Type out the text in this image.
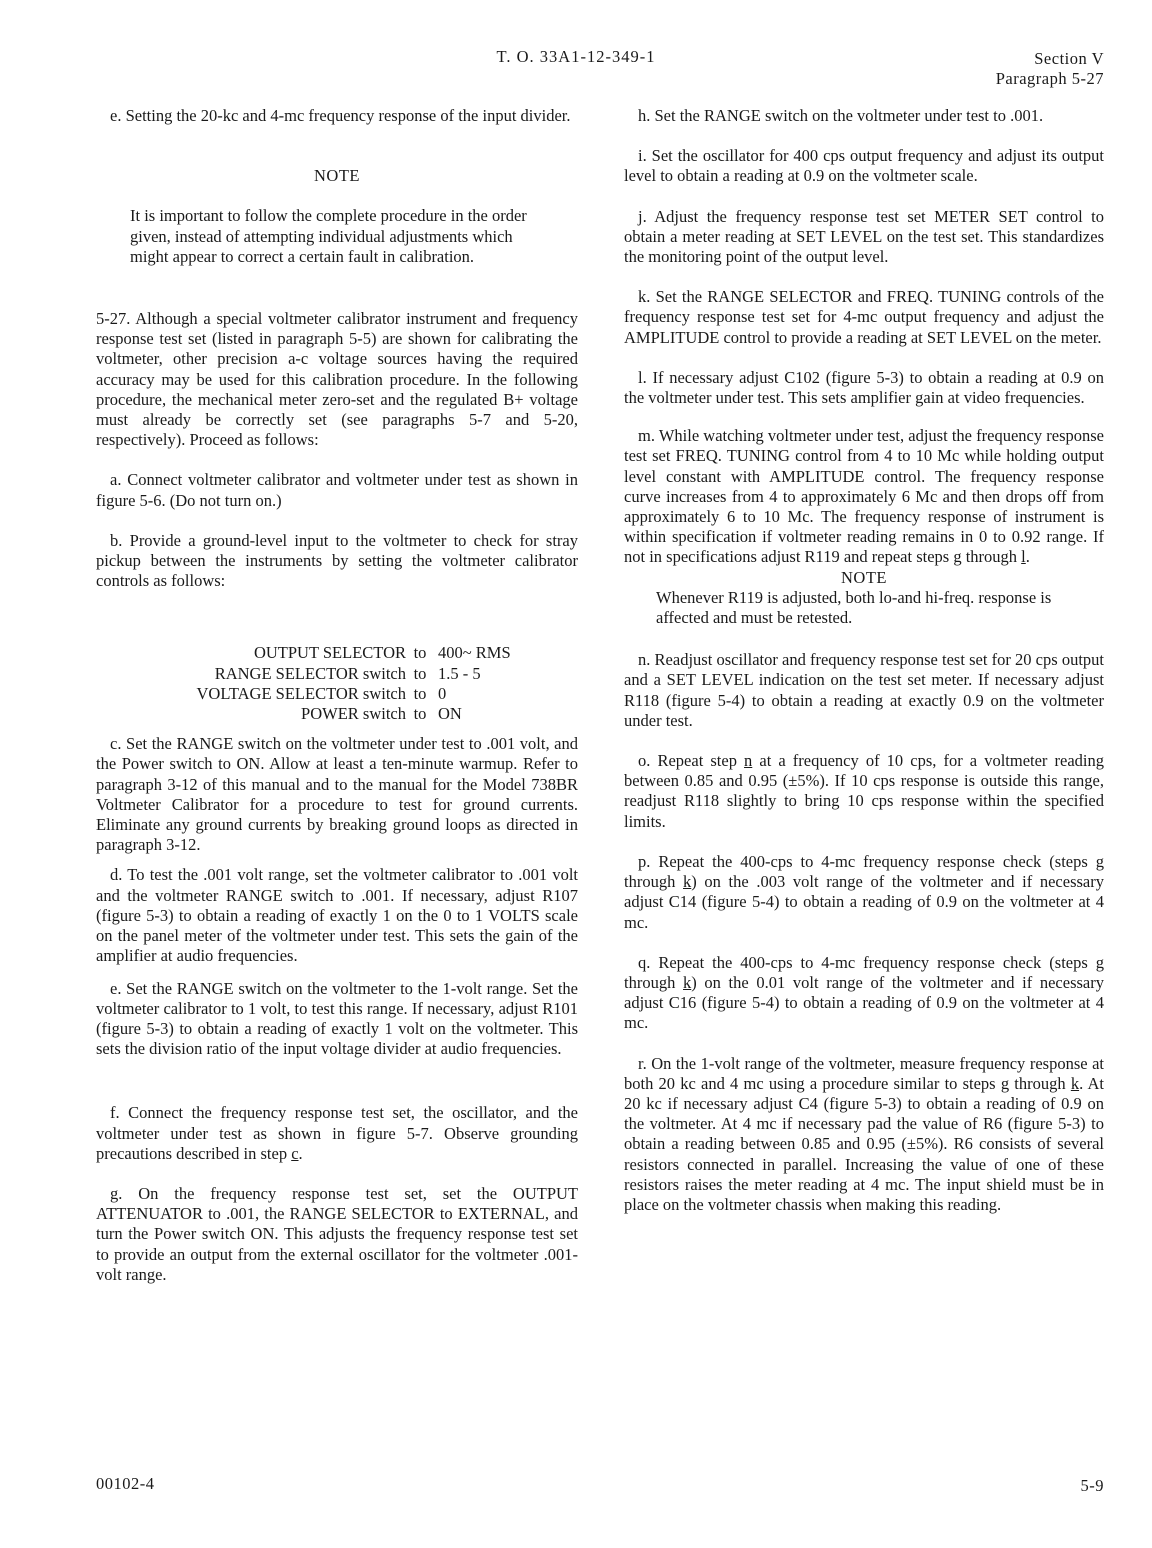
T. O. 33A1-12-349-1	Section V
Paragraph 5-27

e. Setting the 20-kc and 4-mc frequency response of the input divider.

NOTE

It is important to follow the complete procedure in the order given, instead of attempting individual adjustments which might appear to correct a certain fault in calibration.

5-27. Although a special voltmeter calibrator instrument and frequency response test set (listed in paragraph 5-5) are shown for calibrating the voltmeter, other precision a-c voltage sources having the required accuracy may be used for this calibration procedure. In the following procedure, the mechanical meter zero-set and the regulated B+ voltage must already be correctly set (see paragraphs 5-7 and 5-20, respectively). Proceed as follows:

a. Connect voltmeter calibrator and voltmeter under test as shown in figure 5-6. (Do not turn on.)

b. Provide a ground-level input to the voltmeter to check for stray pickup between the instruments by setting the voltmeter calibrator controls as follows:

OUTPUT SELECTOR	to	400~ RMS
RANGE SELECTOR switch	to	1.5 - 5
VOLTAGE SELECTOR switch	to	0
POWER switch	to	ON

c. Set the RANGE switch on the voltmeter under test to .001 volt, and the Power switch to ON. Allow at least a ten-minute warmup. Refer to paragraph 3-12 of this manual and to the manual for the Model 738BR Voltmeter Calibrator for a procedure to test for ground currents. Eliminate any ground currents by breaking ground loops as directed in paragraph 3-12.

d. To test the .001 volt range, set the voltmeter calibrator to .001 volt and the voltmeter RANGE switch to .001. If necessary, adjust R107 (figure 5-3) to obtain a reading of exactly 1 on the 0 to 1 VOLTS scale on the panel meter of the voltmeter under test. This sets the gain of the amplifier at audio frequencies.

e. Set the RANGE switch on the voltmeter to the 1-volt range. Set the voltmeter calibrator to 1 volt, to test this range. If necessary, adjust R101 (figure 5-3) to obtain a reading of exactly 1 volt on the voltmeter. This sets the division ratio of the input voltage divider at audio frequencies.

f. Connect the frequency response test set, the oscillator, and the voltmeter under test as shown in figure 5-7. Observe grounding precautions described in step c.

g. On the frequency response test set, set the OUTPUT ATTENUATOR to .001, the RANGE SELECTOR to EXTERNAL, and turn the Power switch ON. This adjusts the frequency response test set to provide an output from the external oscillator for the voltmeter .001-volt range.

h. Set the RANGE switch on the voltmeter under test to .001.

i. Set the oscillator for 400 cps output frequency and adjust its output level to obtain a reading at 0.9 on the voltmeter scale.

j. Adjust the frequency response test set METER SET control to obtain a meter reading at SET LEVEL on the test set. This standardizes the monitoring point of the output level.

k. Set the RANGE SELECTOR and FREQ. TUNING controls of the frequency response test set for 4-mc output frequency and adjust the AMPLITUDE control to provide a reading at SET LEVEL on the meter.

l. If necessary adjust C102 (figure 5-3) to obtain a reading at 0.9 on the voltmeter under test. This sets amplifier gain at video frequencies.

m. While watching voltmeter under test, adjust the frequency response test set FREQ. TUNING control from 4 to 10 Mc while holding output level constant with AMPLITUDE control. The frequency response curve increases from 4 to approximately 6 Mc and then drops off from approximately 6 to 10 Mc. The frequency response of instrument is within specification if voltmeter reading remains in 0 to 0.92 range. If not in specifications adjust R119 and repeat steps g through l.

NOTE

Whenever R119 is adjusted, both lo-and hi-freq. response is affected and must be retested.

n. Readjust oscillator and frequency response test set for 20 cps output and a SET LEVEL indication on the test set meter. If necessary adjust R118 (figure 5-4) to obtain a reading at exactly 0.9 on the voltmeter under test.

o. Repeat step n at a frequency of 10 cps, for a voltmeter reading between 0.85 and 0.95 (±5%). If 10 cps response is outside this range, readjust R118 slightly to bring 10 cps response within the specified limits.

p. Repeat the 400-cps to 4-mc frequency response check (steps g through k) on the .003 volt range of the voltmeter and if necessary adjust C14 (figure 5-4) to obtain a reading of 0.9 on the voltmeter at 4 mc.

q. Repeat the 400-cps to 4-mc frequency response check (steps g through k) on the 0.01 volt range of the voltmeter and if necessary adjust C16 (figure 5-4) to obtain a reading of 0.9 on the voltmeter at 4 mc.

r. On the 1-volt range of the voltmeter, measure frequency response at both 20 kc and 4 mc using a procedure similar to steps g through k. At 20 kc if necessary adjust C4 (figure 5-3) to obtain a reading of 0.9 on the voltmeter. At 4 mc if necessary pad the value of R6 (figure 5-3) to obtain a reading between 0.85 and 0.95 (±5%). R6 consists of several resistors connected in parallel. Increasing the value of one of these resistors raises the meter reading at 4 mc. The input shield must be in place on the voltmeter chassis when making this reading.

00102-4	5-9
